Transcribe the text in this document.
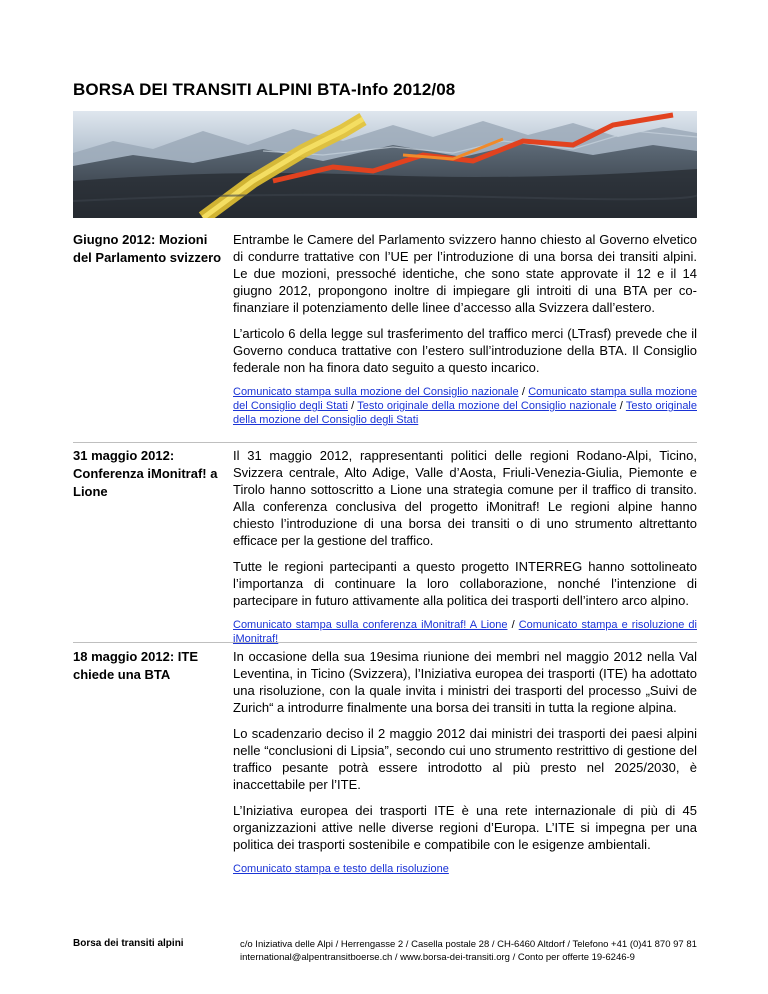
BORSA DEI TRANSITI ALPINI BTA-Info 2012/08

Giugno 2012: Mozioni del Parlamento svizzero

Entrambe le Camere del Parlamento svizzero hanno chiesto al Governo elvetico di condurre trattative con l’UE per l’introduzione di una borsa dei transiti alpini. Le due mozioni, pressoché identiche, che sono state approvate il 12 e il 14 giugno 2012, propongono inoltre di impiegare gli introiti di una BTA per co-finanziare il potenziamento delle linee d’accesso alla Svizzera dall’estero.

L’articolo 6 della legge sul trasferimento del traffico merci (LTrasf) prevede che il Governo conduca trattative con l’estero sull’introduzione della BTA. Il Consiglio federale non ha finora dato seguito a questo incarico.

Comunicato stampa sulla mozione del Consiglio nazionale / Comunicato stampa sulla mozione del Consiglio degli Stati / Testo originale della mozione del Consiglio nazionale / Testo originale della mozione del Consiglio degli Stati

31 maggio 2012: Conferenza iMonitraf! a Lione

Il 31 maggio 2012, rappresentanti politici delle regioni Rodano-Alpi, Ticino, Svizzera centrale, Alto Adige, Valle d’Aosta, Friuli-Venezia-Giulia, Piemonte e Tirolo hanno sottoscritto a Lione una strategia comune per il traffico di transito. Alla conferenza conclusiva del progetto iMonitraf! Le regioni alpine hanno chiesto l’introduzione di una borsa dei transiti o di uno strumento altrettanto efficace per la gestione del traffico.

Tutte le regioni partecipanti a questo progetto INTERREG hanno sottolineato l’importanza di continuare la loro collaborazione, nonché l’intenzione di partecipare in futuro attivamente alla politica dei trasporti dell’intero arco alpino.

Comunicato stampa sulla conferenza iMonitraf! A Lione / Comunicato stampa e risoluzione di iMonitraf!

18 maggio 2012: ITE chiede una BTA

In occasione della sua 19esima riunione dei membri nel maggio 2012 nella Val Leventina, in Ticino (Svizzera), l’Iniziativa europea dei trasporti (ITE) ha adottato una risoluzione, con la quale invita i ministri dei trasporti del processo „Suivi de Zurich“ a introdurre finalmente una borsa dei transiti in tutta la regione alpina.

Lo scadenzario deciso il 2 maggio 2012 dai ministri dei trasporti dei paesi alpini nelle “conclusioni di Lipsia”, secondo cui uno strumento restrittivo di gestione del traffico pesante potrà essere introdotto al più presto nel 2025/2030, è inaccettabile per l’ITE.

L’Iniziativa europea dei trasporti ITE è una rete internazionale di più di 45 organizzazioni attive nelle diverse regioni d’Europa. L’ITE si impegna per una politica dei trasporti sostenibile e compatibile con le esigenze ambientali.

Comunicato stampa e testo della risoluzione

Borsa dei transiti alpini	c/o Iniziativa delle Alpi / Herrengasse 2 / Casella postale 28 / CH-6460 Altdorf / Telefono +41 (0)41 870 97 81
international@alpentransitboerse.ch / www.borsa-dei-transiti.org / Conto per offerte 19-6246-9
